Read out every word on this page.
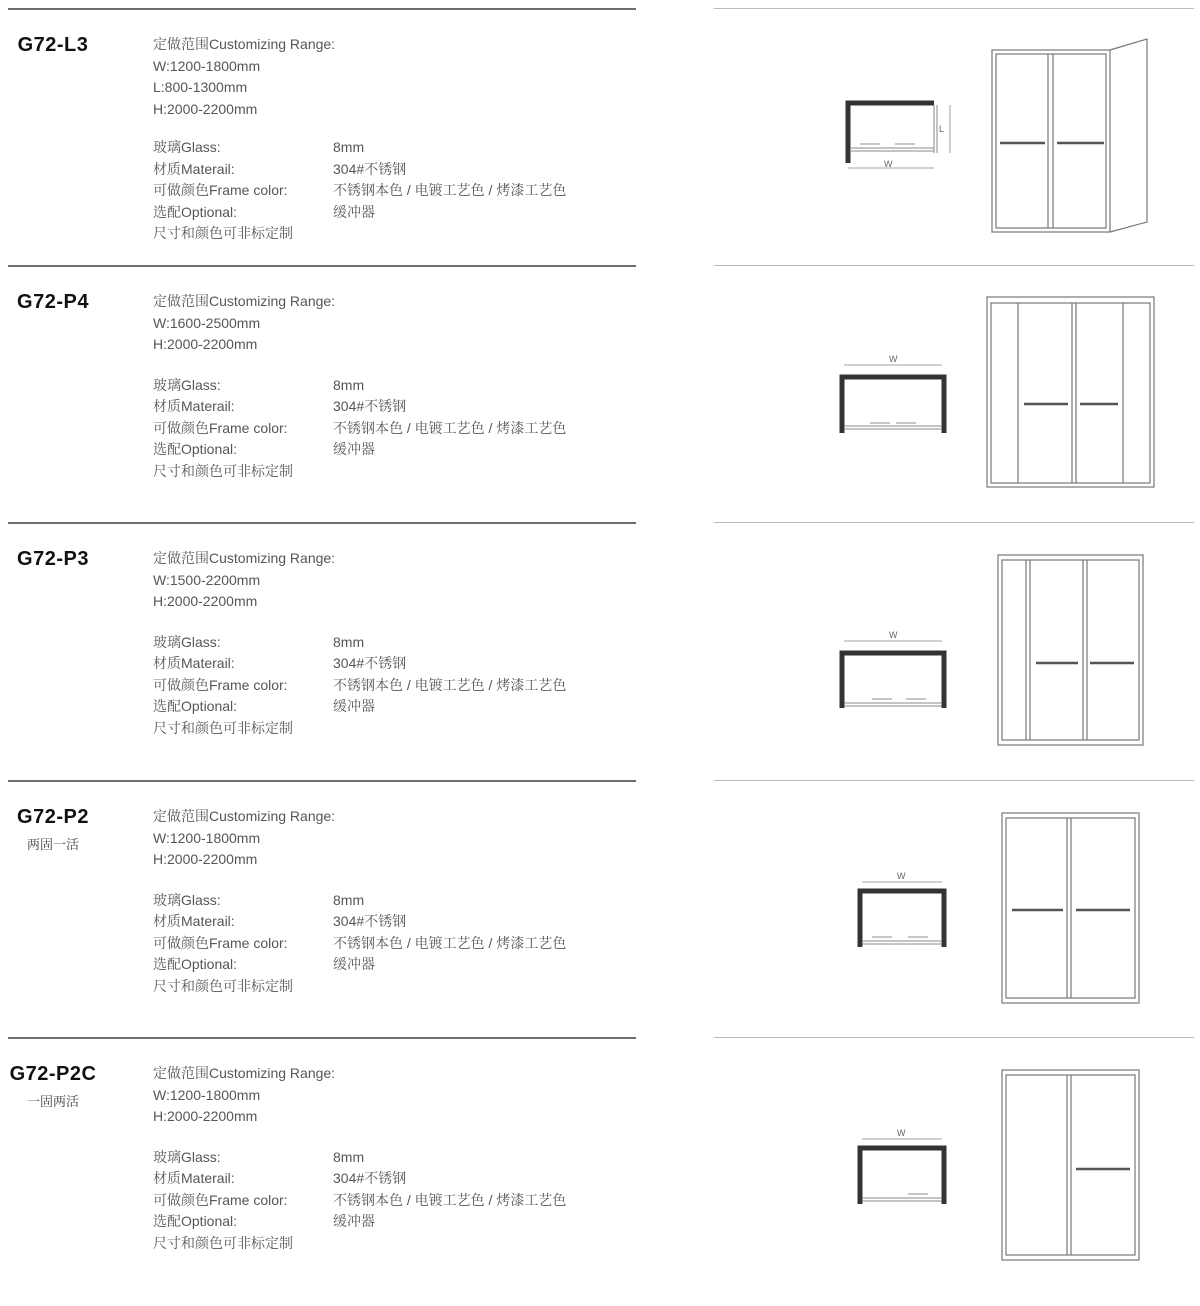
G72-L3	定做范围Customizing Range:
W:1200-1800mm
L:800-1300mm
H:2000-2200mm
玻璃Glass:	8mm
材质Materail:	304#不锈钢
可做颜色Frame color:	不锈钢本色 / 电镀工艺色 / 烤漆工艺色
选配Optional:	缓冲器
尺寸和颜色可非标定制
W
L
G72-P4	定做范围Customizing Range:
W:1600-2500mm
H:2000-2200mm
玻璃Glass:	8mm
材质Materail:	304#不锈钢
可做颜色Frame color:	不锈钢本色 / 电镀工艺色 / 烤漆工艺色
选配Optional:	缓冲器
尺寸和颜色可非标定制
W
G72-P3	定做范围Customizing Range:
W:1500-2200mm
H:2000-2200mm
玻璃Glass:	8mm
材质Materail:	304#不锈钢
可做颜色Frame color:	不锈钢本色 / 电镀工艺色 / 烤漆工艺色
选配Optional:	缓冲器
尺寸和颜色可非标定制
W
G72-P2
两固一活
定做范围Customizing Range:
W:1200-1800mm
H:2000-2200mm
玻璃Glass:	8mm
材质Materail:	304#不锈钢
可做颜色Frame color:	不锈钢本色 / 电镀工艺色 / 烤漆工艺色
选配Optional:	缓冲器
尺寸和颜色可非标定制
W
G72-P2C
一固两活
定做范围Customizing Range:
W:1200-1800mm
H:2000-2200mm
玻璃Glass:	8mm
材质Materail:	304#不锈钢
可做颜色Frame color:	不锈钢本色 / 电镀工艺色 / 烤漆工艺色
选配Optional:	缓冲器
尺寸和颜色可非标定制
W
